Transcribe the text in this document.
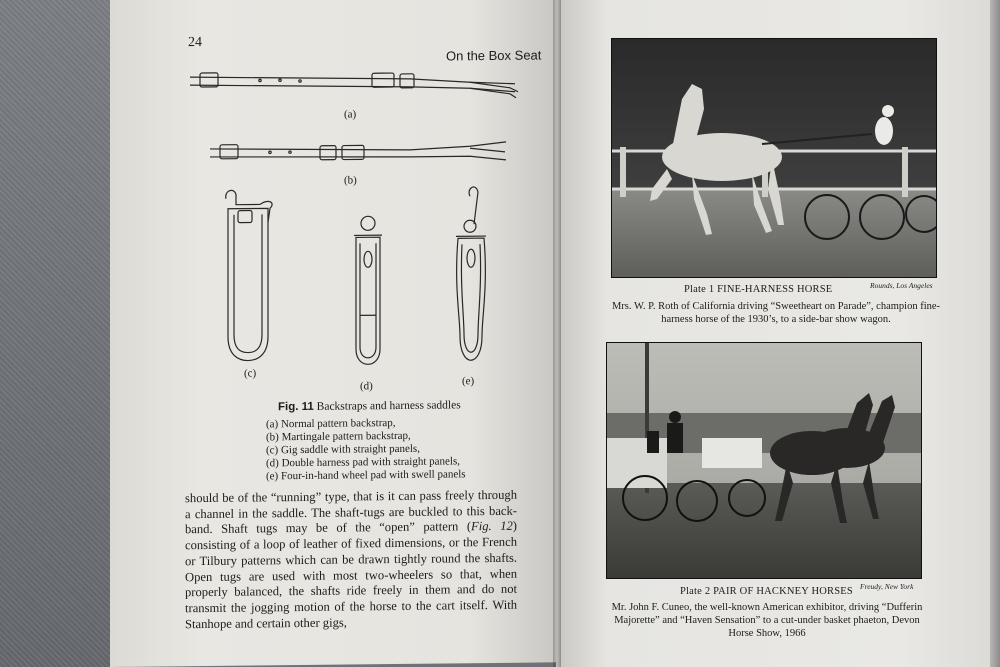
24
On the Box Seat
(a)
(b)
(c)
(d)	(e)
Fig. 11 Backstraps and harness saddles
(a) Normal pattern backstrap,
(b) Martingale pattern backstrap,
(c) Gig saddle with straight panels,
(d) Double harness pad with straight panels,
(e) Four-in-hand wheel pad with swell panels

should be of the “running” type, that is it can pass freely through a channel in the saddle. The shaft-tugs are buckled to this back-band. Shaft tugs may be of the “open” pattern (Fig. 12) consisting of a loop of leather of fixed dimensions, or the French or Tilbury patterns which can be drawn tightly round the shafts. Open tugs are used with most two-wheelers so that, when properly balanced, the shafts ride freely in them and do not transmit the jogging motion of the horse to the cart itself. With Stanhope and certain other gigs,

Plate 1 FINE-HARNESS HORSE	Rounds, Los Angeles
Mrs. W. P. Roth of California driving “Sweetheart on Parade”, champion fine-harness horse of the 1930’s, to a side-bar show wagon.
Plate 2 PAIR OF HACKNEY HORSES Freudy, New York
Mr. John F. Cuneo, the well-known American exhibitor, driving “Dufferin Majorette” and “Haven Sensation” to a cut-under basket phaeton, Devon Horse Show, 1966
